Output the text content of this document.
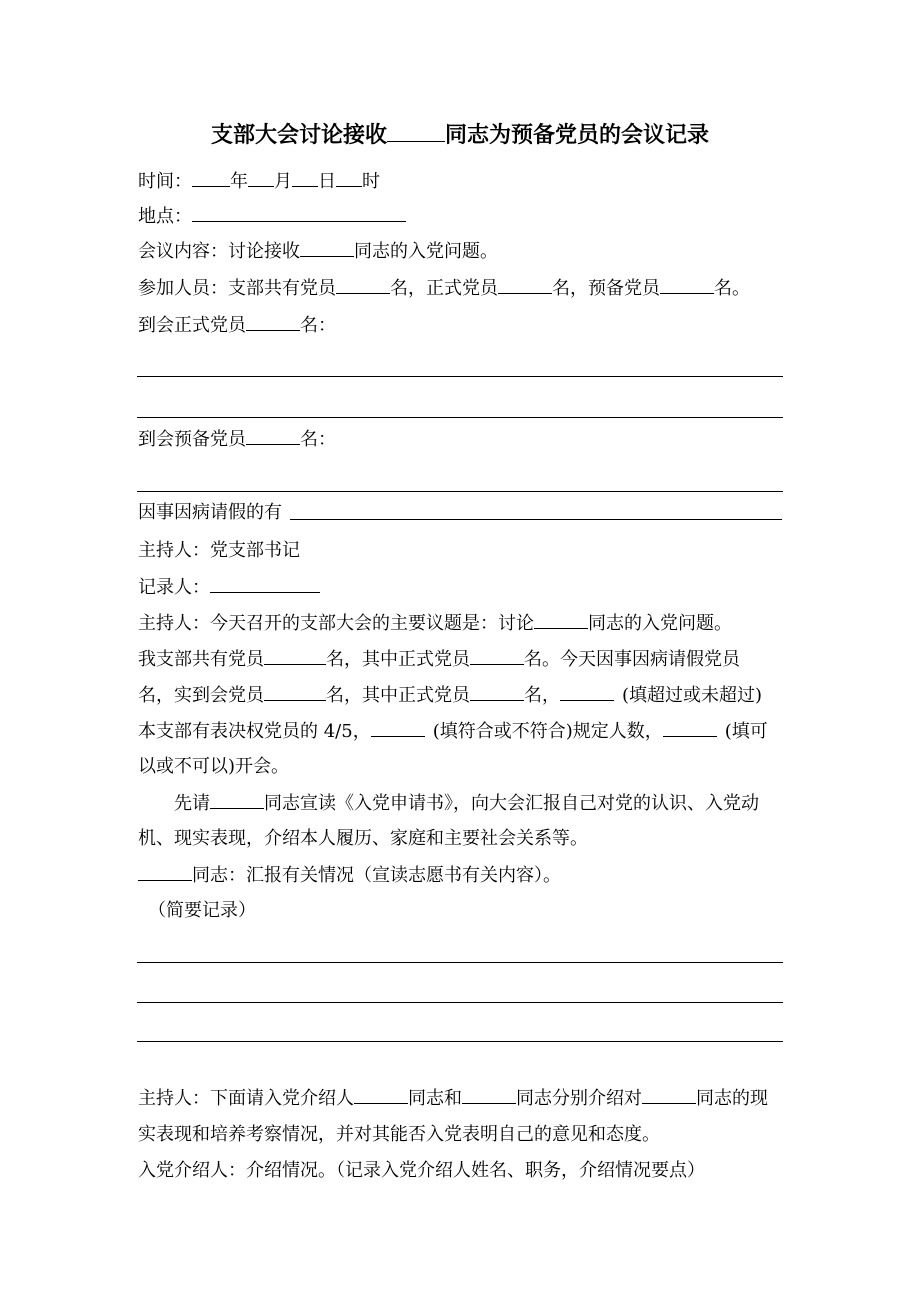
支部大会讨论接收	同志为预备党员的会议记录
时间： 年 月 日 时
地点：
会议内容：讨论接收	同志的入党问题。
参加人员：支部共有党员	名，正式党员	名，预备党员	名。
到会正式党员	名：
到会预备党员	名：
因事因病请假的有
主持人：党支部书记
记录人：
主持人：今天召开的支部大会的主要议题是：讨论	同志的入党问题。
我支部共有党员	名，其中正式党员	名。今天因事因病请假党员
名，实到会党员	名，其中正式党员	名，	(填超过或未超过)
本支部有表决权党员的 4/5，	(填符合或不符合)规定人数，	(填可
以或不可以)开会。
先请	同志宣读《入党申请书》，向大会汇报自己对党的认识、入党动
机、现实表现，介绍本人履历、家庭和主要社会关系等。
同志：汇报有关情况（宣读志愿书有关内容）。
（简要记录）
主持人：下面请入党介绍人	同志和	同志分别介绍对	同志的现
实表现和培养考察情况，并对其能否入党表明自己的意见和态度。
入党介绍人：介绍情况。（记录入党介绍人姓名、职务，介绍情况要点）
